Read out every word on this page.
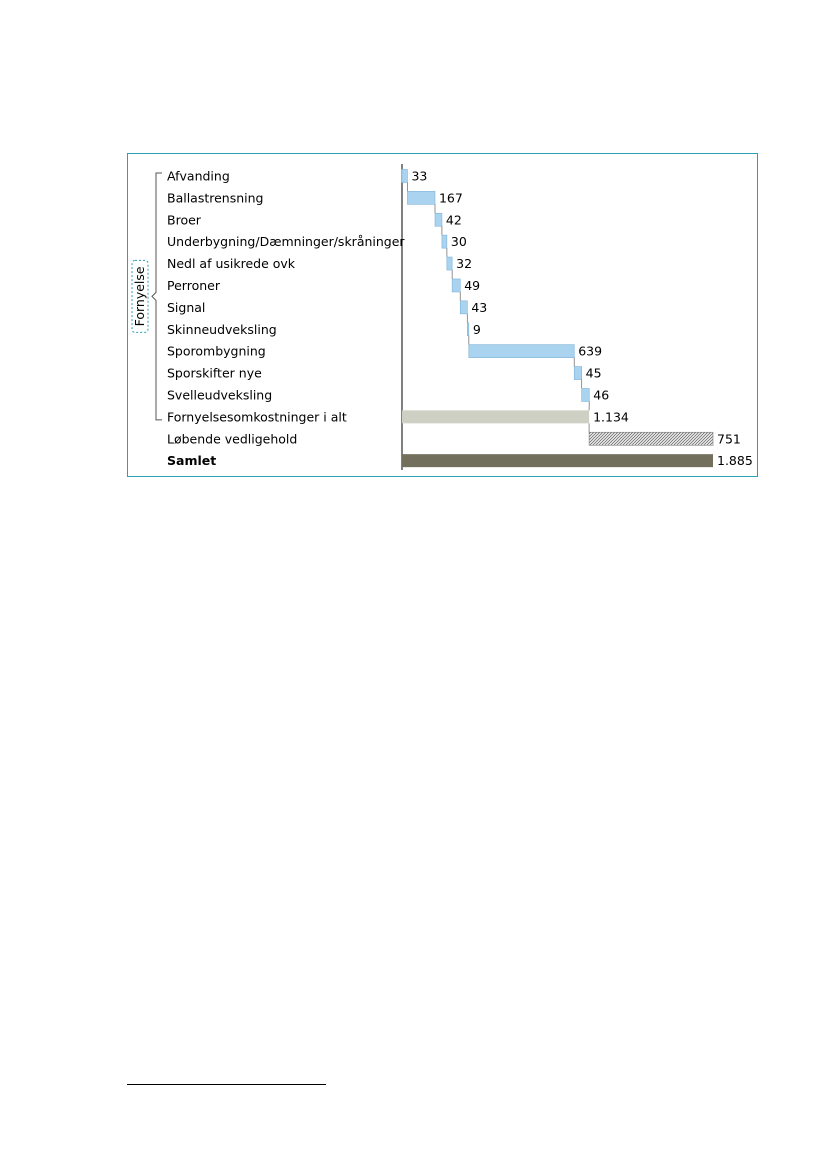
Fornyelse
Afvanding
Ballastrensning
Broer
Underbygning/Dæmninger/skråninger
Nedl af usikrede ovk
Perroner
Signal
Skinneudveksling
Sporombygning
Sporskifter nye
Svelleudveksling
Fornyelsesomkostninger i alt
Løbende vedligehold
Samlet
33
167
42
30
32
49
43
9
639
45
46
1.134
751
1.885
